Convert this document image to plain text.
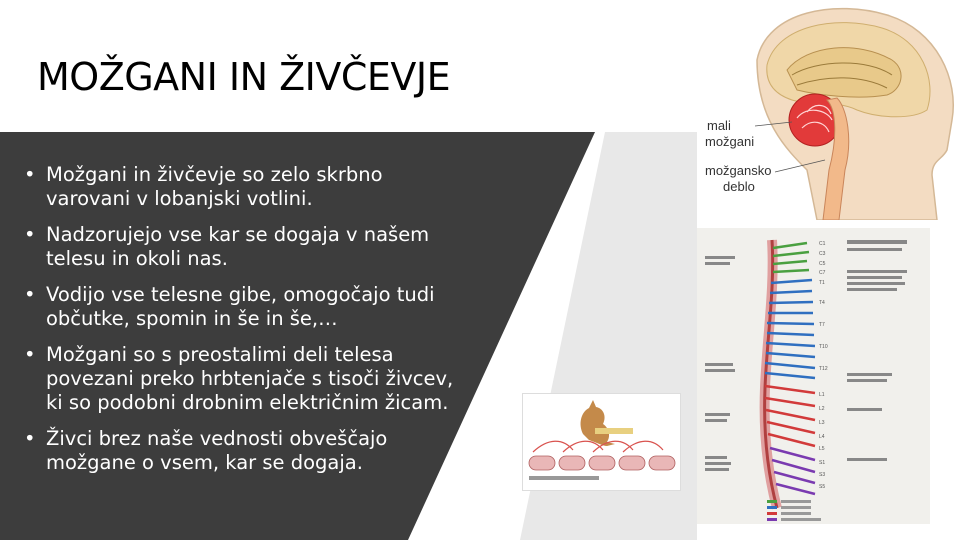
MOŽGANI IN ŽIVČEVJE
• Možgani in živčevje so zelo skrbno varovani v lobanjski votlini.
• Nadzorujejo vse kar se dogaja v našem telesu in okoli nas.
• Vodijo vse telesne gibe, omogočajo tudi občutke, spomin in še in še,…
• Možgani so s preostalimi deli telesa povezani preko hrbtenjače s tisoči živcev, ki so podobni drobnim električnim žicam.
• Živci brez naše vednosti obveščajo možgane o vsem, kar se dogaja.
mali možgani
možgansko deblo
C1
C3
C5
C7
T1
T4
T7
T10
T12
L1
L2
L3
L4
L5
S1
S3
S5
